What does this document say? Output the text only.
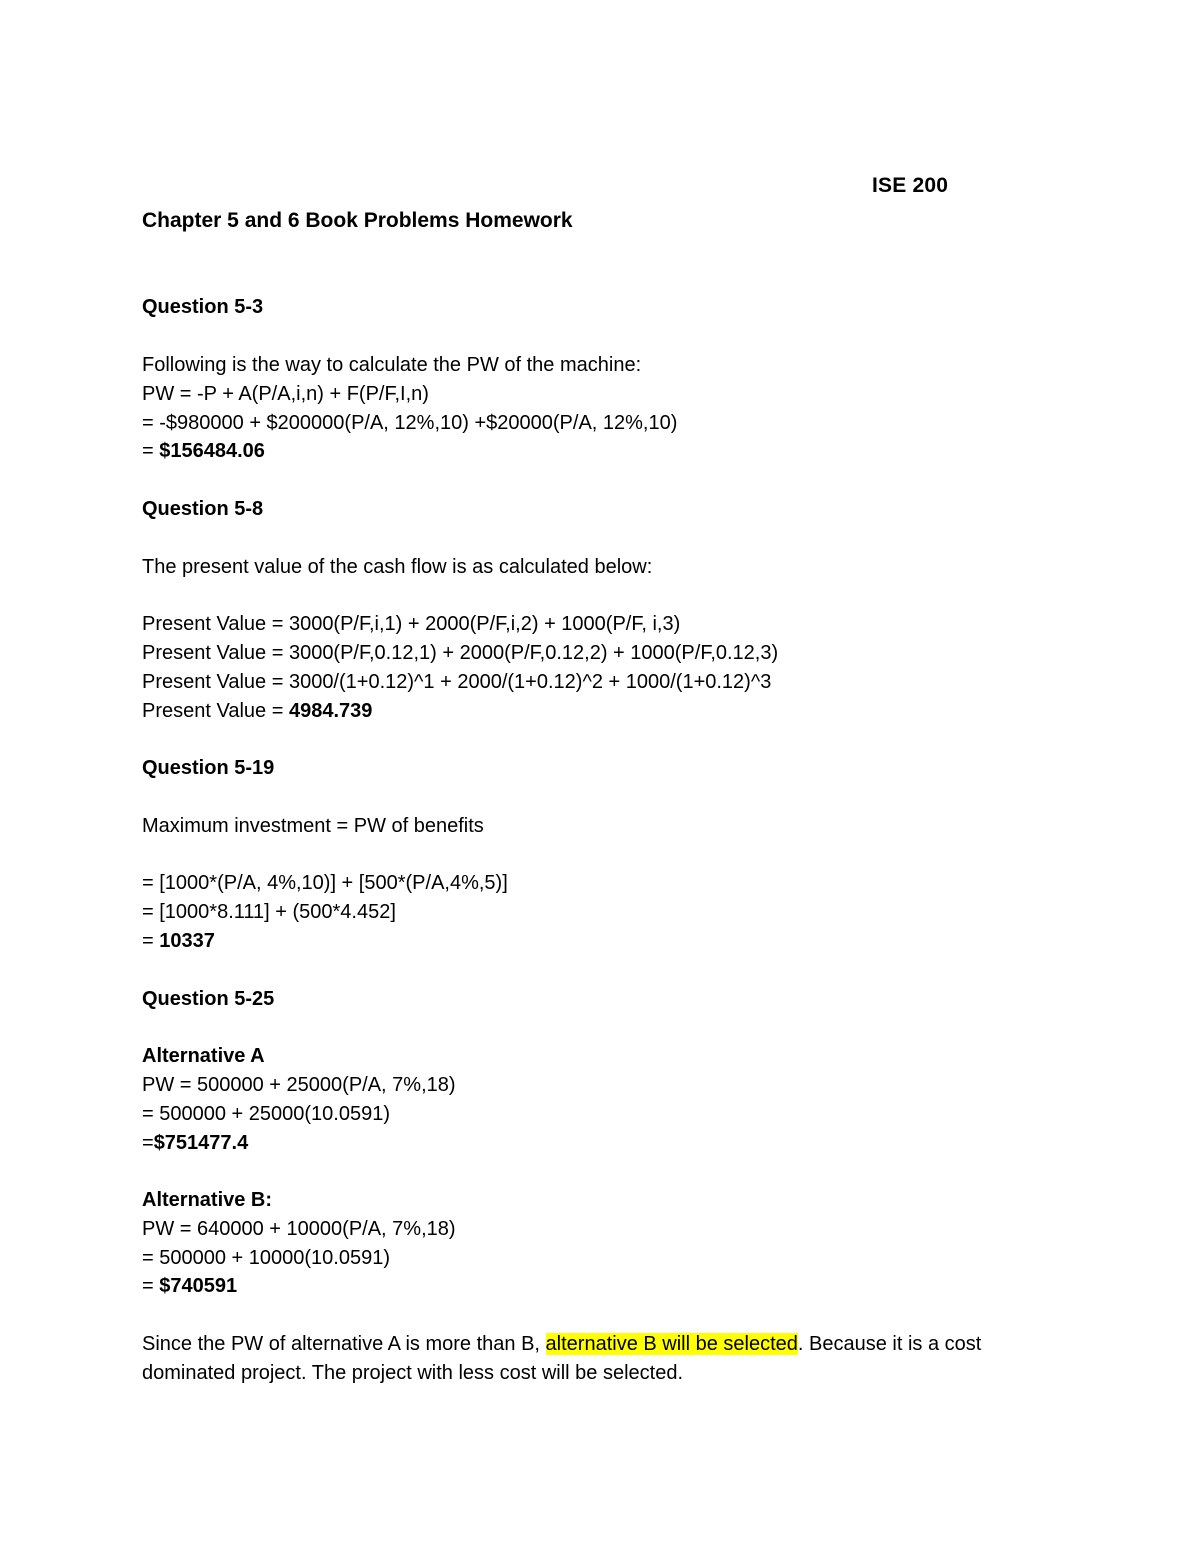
ISE 200

Chapter 5 and 6 Book Problems Homework

Question 5-3

Following is the way to calculate the PW of the machine:

PW = -P + A(P/A,i,n) + F(P/F,I,n)

= -$980000 + $200000(P/A, 12%,10) +$20000(P/A, 12%,10)

= $156484.06

Question 5-8

The present value of the cash flow is as calculated below:

Present Value = 3000(P/F,i,1) + 2000(P/F,i,2) + 1000(P/F, i,3)

Present Value = 3000(P/F,0.12,1) + 2000(P/F,0.12,2) + 1000(P/F,0.12,3)

Present Value = 3000/(1+0.12)^1 + 2000/(1+0.12)^2 + 1000/(1+0.12)^3

Present Value = 4984.739

Question 5-19

Maximum investment = PW of benefits

= [1000*(P/A, 4%,10)] + [500*(P/A,4%,5)]

= [1000*8.111] + (500*4.452]

= 10337

Question 5-25

Alternative A

PW = 500000 + 25000(P/A, 7%,18)

= 500000 + 25000(10.0591)

=$751477.4

Alternative B:

PW = 640000 + 10000(P/A, 7%,18)

= 500000 + 10000(10.0591)

= $740591

Since the PW of alternative A is more than B, alternative B will be selected. Because it is a cost dominated project. The project with less cost will be selected.
